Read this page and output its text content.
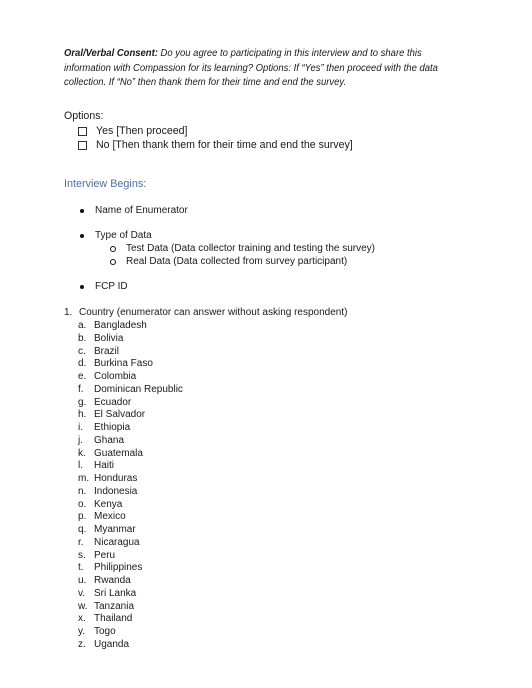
Oral/Verbal Consent: Do you agree to participating in this interview and to share this information with Compassion for its learning? Options: If “Yes” then proceed with the data collection. If “No” then thank them for their time and end the survey.
Options:
Yes [Then proceed]
No [Then thank them for their time and end the survey]
Interview Begins:
Name of Enumerator
Type of Data
Test Data (Data collector training and testing the survey)
Real Data (Data collected from survey participant)
FCP ID
1. Country (enumerator can answer without asking respondent)
a. Bangladesh
b. Bolivia
c. Brazil
d. Burkina Faso
e. Colombia
f.	Dominican Republic
g. Ecuador
h. El Salvador
i.	Ethiopia
j.	Ghana
k. Guatemala
l.	Haiti
m. Honduras
n. Indonesia
o. Kenya
p. Mexico
q. Myanmar
r.	Nicaragua
s. Peru
t.	Philippines
u. Rwanda
v. Sri Lanka
w. Tanzania
x. Thailand
y. Togo
z. Uganda
